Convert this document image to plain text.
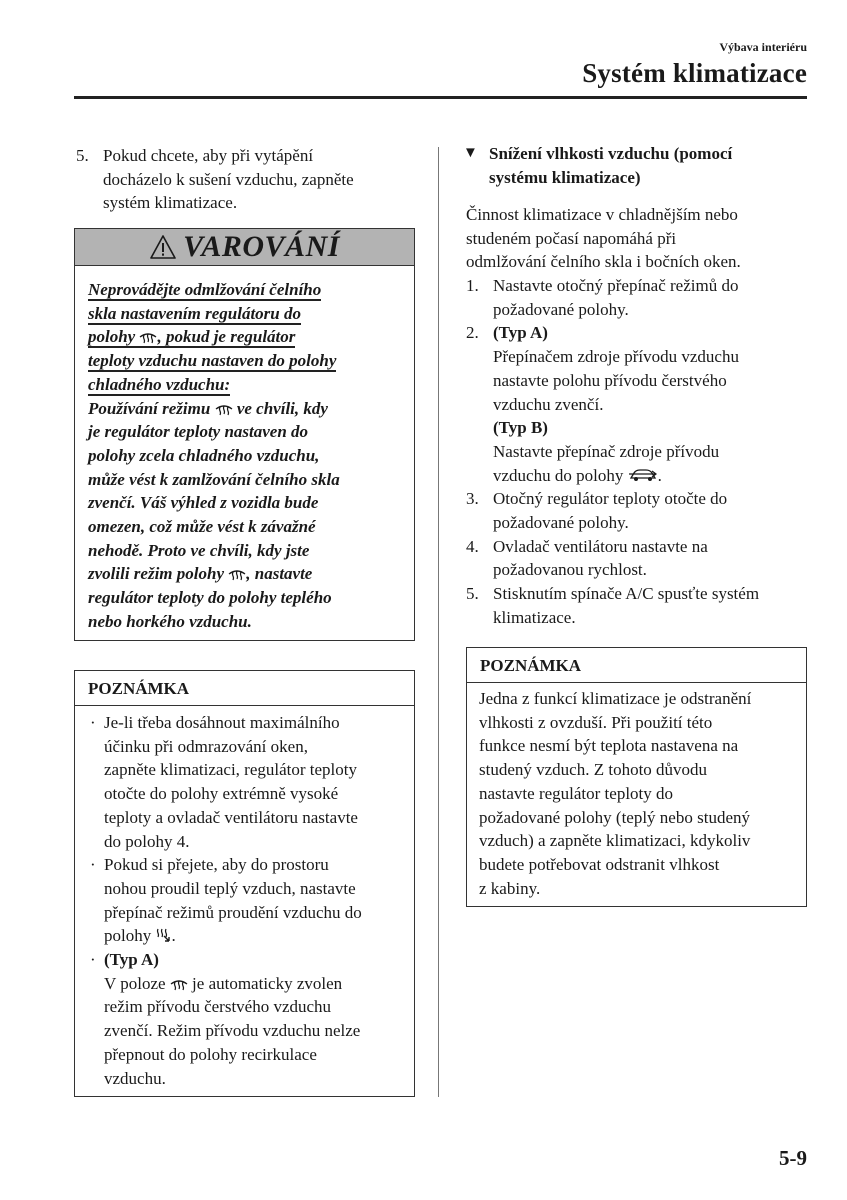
Výbava interiéru
Systém klimatizace
5. Pokud chcete, aby při vytápění
docházelo k sušení vzduchu, zapněte
systém klimatizace.
VAROVÁNÍ
Neprovádějte odmlžování čelního
skla nastavením regulátoru do
polohy , pokud je regulátor
teploty vzduchu nastaven do polohy
chladného vzduchu:
Používání režimu ve chvíli, kdy
je regulátor teploty nastaven do
polohy zcela chladného vzduchu,
může vést k zamlžování čelního skla
zvenčí. Váš výhled z vozidla bude
omezen, což může vést k závažné
nehodě. Proto ve chvíli, kdy jste
zvolili režim polohy , nastavte
regulátor teploty do polohy teplého
nebo horkého vzduchu.
POZNÁMKA
· Je-li třeba dosáhnout maximálního
účinku při odmrazování oken,
zapněte klimatizaci, regulátor teploty
otočte do polohy extrémně vysoké
teploty a ovladač ventilátoru nastavte
do polohy 4.
· Pokud si přejete, aby do prostoru
nohou proudil teplý vzduch, nastavte
přepínač režimů proudění vzduchu do
polohy .
· (Typ A)
V poloze je automaticky zvolen
režim přívodu čerstvého vzduchu
zvenčí. Režim přívodu vzduchu nelze
přepnout do polohy recirkulace
vzduchu.
▼ Snížení vlhkosti vzduchu (pomocí
systému klimatizace)
Činnost klimatizace v chladnějším nebo
studeném počasí napomáhá při
odmlžování čelního skla i bočních oken.
1. Nastavte otočný přepínač režimů do
požadované polohy.
2. (Typ A)
Přepínačem zdroje přívodu vzduchu
nastavte polohu přívodu čerstvého
vzduchu zvenčí.
(Typ B)
Nastavte přepínač zdroje přívodu
vzduchu do polohy .
3. Otočný regulátor teploty otočte do
požadované polohy.
4. Ovladač ventilátoru nastavte na
požadovanou rychlost.
5. Stisknutím spínače A/C spusťte systém
klimatizace.
POZNÁMKA
Jedna z funkcí klimatizace je odstranění
vlhkosti z ovzduší. Při použití této
funkce nesmí být teplota nastavena na
studený vzduch. Z tohoto důvodu
nastavte regulátor teploty do
požadované polohy (teplý nebo studený
vzduch) a zapněte klimatizaci, kdykoliv
budete potřebovat odstranit vlhkost
z kabiny.
5-9
